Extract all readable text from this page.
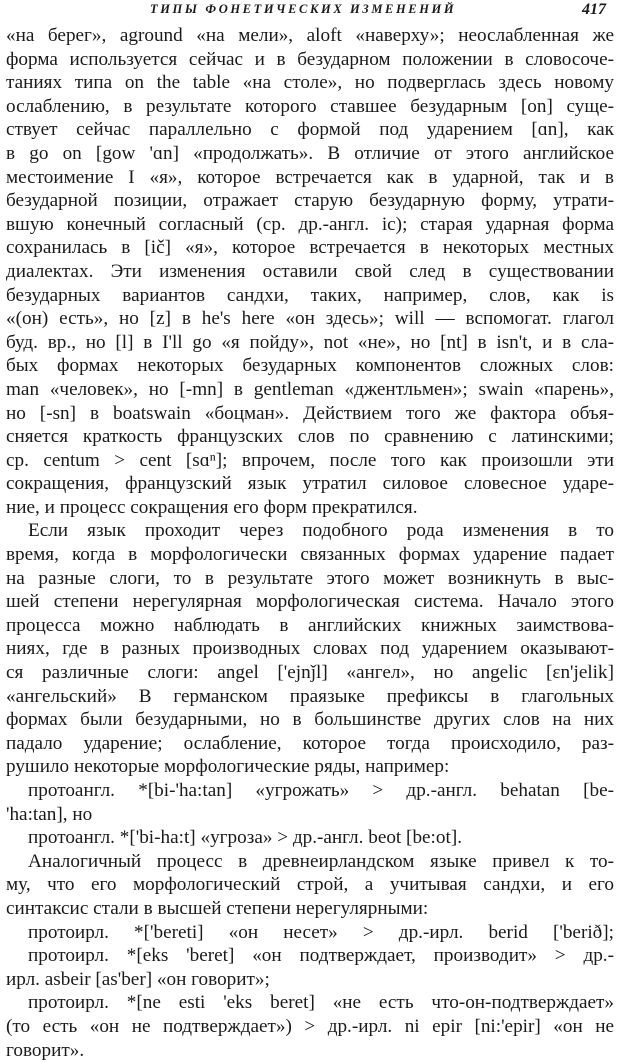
ТИПЫ ФОНЕТИЧЕСКИХ ИЗМЕНЕНИЙ	417
«на берег», aground «на мели», aloft «наверху»; неослабленная же
форма используется сейчас и в безударном положении в словосоче-
таниях типа on the table «на столе», но подверглась здесь новому
ослаблению, в результате которого ставшее безударным [on] суще-
ствует сейчас параллельно с формой под ударением [ɑn], как
в go on [gow 'ɑn] «продолжать». В отличие от этого английское
местоимение I «я», которое встречается как в ударной, так и в
безударной позиции, отражает старую безударную форму, утрати-
вшую конечный согласный (ср. др.-англ. ic); старая ударная форма
сохранилась в [ič] «я», которое встречается в некоторых местных
диалектах. Эти изменения оставили свой след в существовании
безударных вариантов сандхи, таких, например, слов, как is
«(он) есть», но [z] в he's here «он здесь»; will — вспомогат. глагол
буд. вр., но [l] в I'll go «я пойду», not «не», но [nt] в isn't, и в сла-
бых формах некоторых безударных компонентов сложных слов:
man «человек», но [-mn] в gentleman «джентльмен»; swain «парень»,
но [-sn] в boatswain «боцман». Действием того же фактора объя-
сняется краткость французских слов по сравнению с латинскими;
ср. centum > cent [sɑⁿ]; впрочем, после того как произошли эти
сокращения, французский язык утратил силовое словесное ударе-
ние, и процесс сокращения его форм прекратился.
Если язык проходит через подобного рода изменения в то
время, когда в морфологически связанных формах ударение падает
на разные слоги, то в результате этого может возникнуть в выс-
шей степени нерегулярная морфологическая система. Начало этого
процесса можно наблюдать в английских книжных заимствова-
ниях, где в разных производных словах под ударением оказывают-
ся различные слоги: angel ['ejnǰl] «ангел», но angelic [ɛn'jelik]
«ангельский» В германском праязыке префиксы в глагольных
формах были безударными, но в большинстве других слов на них
падало ударение; ослабление, которое тогда происходило, раз-
рушило некоторые морфологические ряды, например:
протоангл. *[bi-'ha:tan] «угрожать» > др.-англ. behatan [be-
'ha:tan], но
протоангл. *['bi-ha:t] «угроза» > др.-англ. beot [be:ot].
Аналогичный процесс в древнеирландском языке привел к то-
му, что его морфологический строй, а учитывая сандхи, и его
синтаксис стали в высшей степени нерегулярными:
протоирл. *['bereti] «он несет» > др.-ирл. berid ['berið];
протоирл. *[eks 'beret] «он подтверждает, производит» > др.-
ирл. asbeir [as'ber] «он говорит»;
протоирл. *[ne esti 'eks beret] «не есть что-он-подтверждает»
(то есть «он не подтверждает») > др.-ирл. ni epir [ni:'epir] «он не
говорит».
